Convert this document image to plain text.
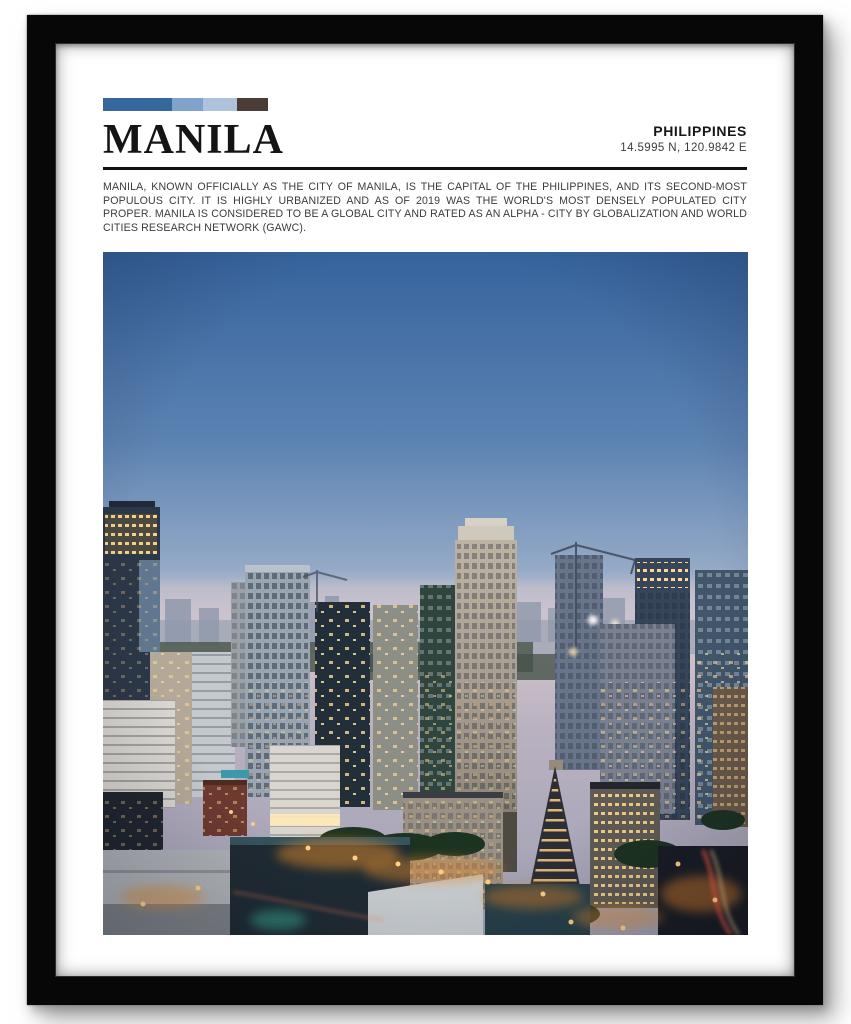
MANILA	PHILIPPINES
14.5995 N, 120.9842 E

MANILA, KNOWN OFFICIALLY AS THE CITY OF MANILA, IS THE CAPITAL OF THE PHILIPPINES, AND ITS SECOND-MOST POPULOUS CITY. IT IS HIGHLY URBANIZED AND AS OF 2019 WAS THE WORLD'S MOST DENSELY POPULATED CITY PROPER. MANILA IS CONSIDERED TO BE A GLOBAL CITY AND RATED AS AN ALPHA - CITY BY GLOBALIZATION AND WORLD CITIES RESEARCH NETWORK (GAWC).
